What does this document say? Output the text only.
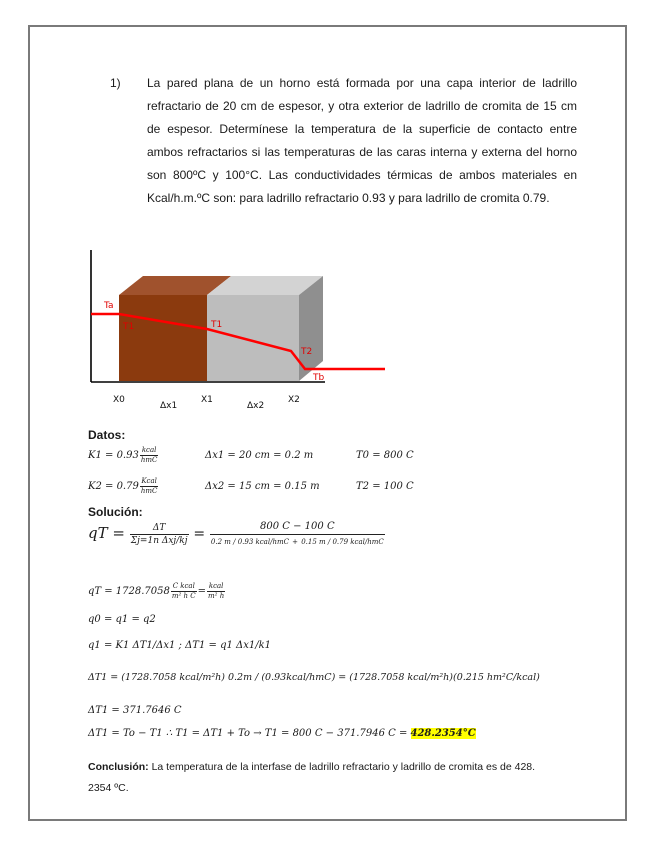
1) La pared plana de un horno está formada por una capa interior de ladrillo refractario de 20 cm de espesor, y otra exterior de ladrillo de cromita de 15 cm de espesor. Determínese la temperatura de la superficie de contacto entre ambos refractarios si las temperaturas de las caras interna y externa del horno son 800ºC y 100°C. Las conductividades térmicas de ambos materiales en Kcal/h.m.ºC son: para ladrillo refractario 0.93 y para ladrillo de cromita 0.79.
Ta
T1	T1
T2
Tb
X0
Δx1
X1
Δx2
X2
Datos:
$K1 = 0.93 \frac{\text{kcal}}{\text{hmC}}$	Δx1 = 20 cm = 0.2 m	T0 = 800 C
$K2 = 0.79 \frac{\text{Kcal}}{\text{hmC}}$	Δx2 = 15 cm = 0.15 m	T2 = 100 C
Solución:
qT = $\frac{\Delta T}{\text{Σj=1n Δxj/kj}} = \frac{800 C - 100 C}{\text{0.2 m / 0.93 kcal/hmC + 0.15 m / 0.79 kcal/hmC}}$
qT = $1728.7058 \frac{\text{C kcal}}{\text{m² h C}} = \frac{\text{kcal}}{\text{m² h}}$
q0 = q1 = q2
q1 = K1 ΔT1/Δx1 ; ΔT1 = q1 Δx1/k1
ΔT1 = (1728.7058 kcal/m²h) 0.2m / (0.93kcal/hmC) = (1728.7058 kcal/m²h)(0.215 hm²C/kcal)
ΔT1 = 371.7646 C
ΔT1 = To − T1 ∴ T1 = ΔT1 + To → T1 = 800 C − 371.7946 C = 428.2354°C
Conclusión: La temperatura de la interfase de ladrillo refractario y ladrillo de cromita es de 428. 2354 ºC.
